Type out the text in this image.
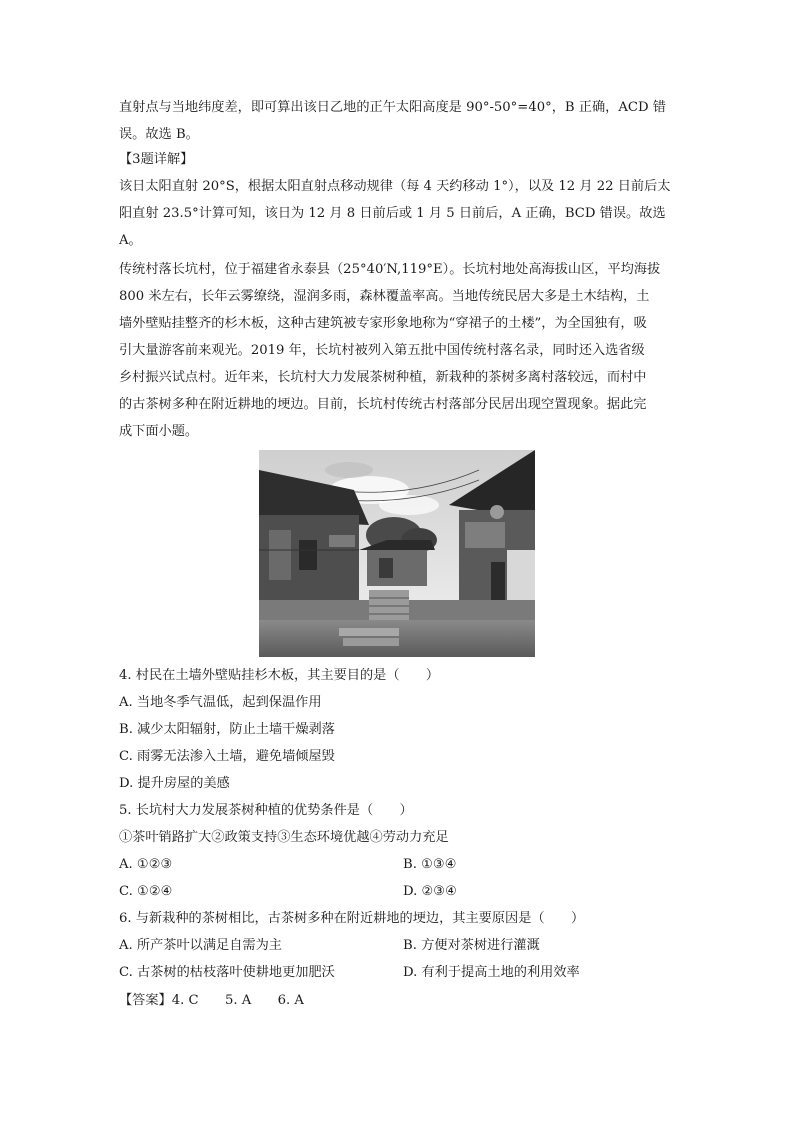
直射点与当地纬度差，即可算出该日乙地的正午太阳高度是 90°-50°=40°，B 正确，ACD 错

误。故选 B。

【3题详解】

该日太阳直射 20°S，根据太阳直射点移动规律（每 4 天约移动 1°），以及 12 月 22 日前后太

阳直射 23.5°计算可知，该日为 12 月 8 日前后或 1 月 5 日前后，A 正确，BCD 错误。故选

A。

传统村落长坑村，位于福建省永泰县（25°40′N,119°E）。长坑村地处高海拔山区，平均海拔

800 米左右，长年云雾缭绕，湿润多雨，森林覆盖率高。当地传统民居大多是土木结构，土

墙外壁贴挂整齐的杉木板，这种古建筑被专家形象地称为“穿裙子的土楼”，为全国独有，吸

引大量游客前来观光。2019 年，长坑村被列入第五批中国传统村落名录，同时还入选省级

乡村振兴试点村。近年来，长坑村大力发展茶树种植，新栽种的茶树多离村落较远，而村中

的古茶树多种在附近耕地的埂边。目前，长坑村传统古村落部分民居出现空置现象。据此完

成下面小题。

4. 村民在土墙外壁贴挂杉木板，其主要目的是（　　）
A. 当地冬季气温低，起到保温作用
B. 减少太阳辐射，防止土墙干燥剥落
C. 雨雾无法渗入土墙，避免墙倾屋毁
D. 提升房屋的美感
5. 长坑村大力发展茶树种植的优势条件是（　　）
①茶叶销路扩大②政策支持③生态环境优越④劳动力充足
A. ①②③	B. ①③④
C. ①②④	D. ②③④
6. 与新栽种的茶树相比，古茶树多种在附近耕地的埂边，其主要原因是（　　）
A. 所产茶叶以满足自需为主	B. 方便对茶树进行灌溉
C. 古茶树的枯枝落叶使耕地更加肥沃	D. 有利于提高土地的利用效率
【答案】4. C　　5. A　　6. A
